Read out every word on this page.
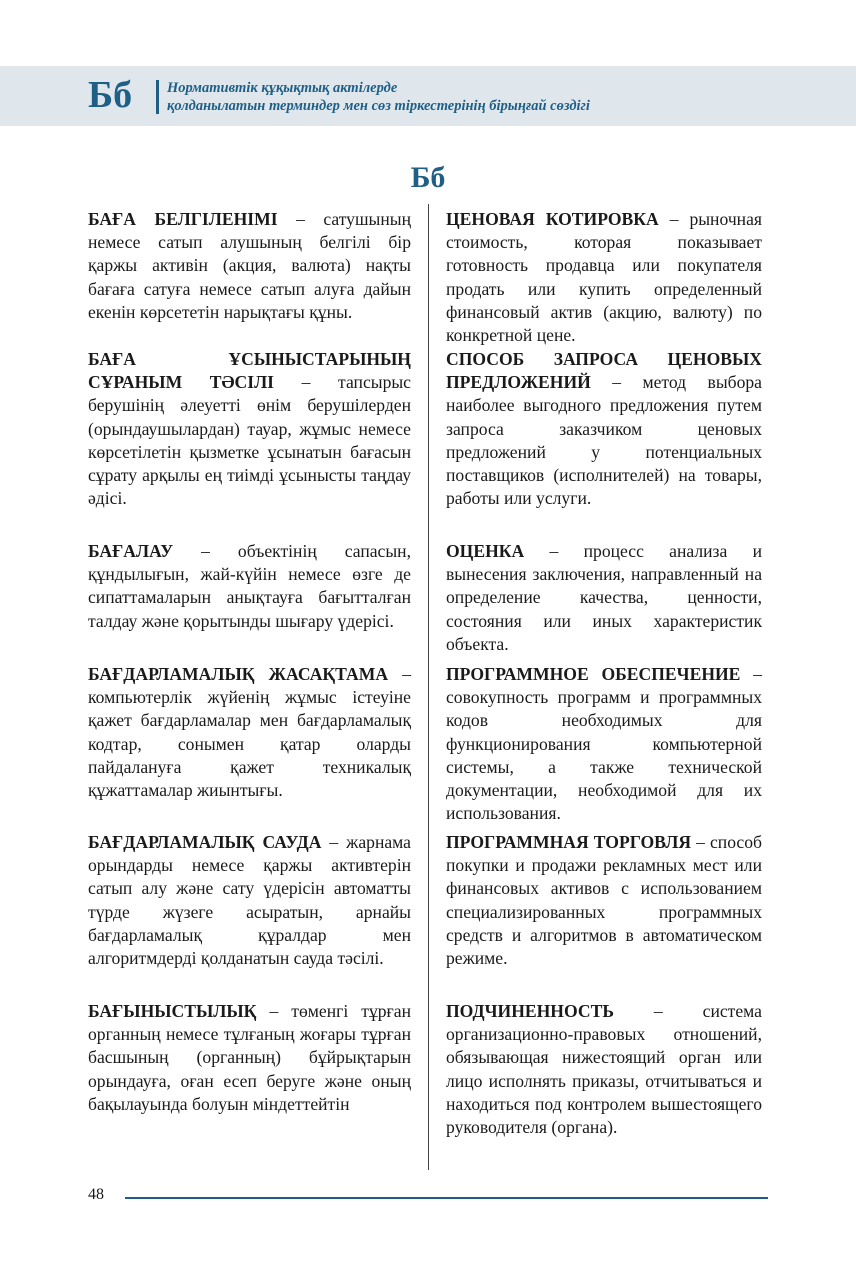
Бб Нормативтік құқықтық актілерде
қолданылатын терминдер мен сөз тіркестерінің бірыңғай сөздігі
Бб
БАҒА БЕЛГІЛЕНІМІ – сатушының немесе сатып алушының белгілі бір қаржы активін (акция, валюта) нақты бағаға сатуға немесе сатып алуға дайын екенін көрсететін нарықтағы құны.
ЦЕНОВАЯ КОТИРОВКА – рыночная стоимость, которая показывает готовность продавца или покупателя продать или купить определенный финансовый актив (акцию, валюту) по конкретной цене.
БАҒА ҰСЫНЫСТАРЫНЫҢ СҰРАНЫМ ТӘСІЛІ – тапсырыс берушінің әлеуетті өнім берушілерден (орындаушылардан) тауар, жұмыс немесе көрсетілетін қызметке ұсынатын бағасын сұрату арқылы ең тиімді ұсынысты таңдау әдісі.
СПОСОБ ЗАПРОСА ЦЕНОВЫХ ПРЕДЛОЖЕНИЙ – метод выбора наиболее выгодного предложения путем запроса заказчиком ценовых предложений у потенциальных поставщиков (исполнителей) на товары, работы или услуги.
БАҒАЛАУ – объектінің сапасын, құндылығын, жай-күйін немесе өзге де сипаттамаларын анықтауға бағытталған талдау және қорытынды шығару үдерісі.
ОЦЕНКА – процесс анализа и вынесения заключения, направленный на определение качества, ценности, состояния или иных характеристик объекта.
БАҒДАРЛАМАЛЫҚ ЖАСАҚТАМА – компьютерлік жүйенің жұмыс істеуіне қажет бағдарламалар мен бағдарламалық кодтар, сонымен қатар оларды пайдалануға қажет техникалық құжаттамалар жиынтығы.
ПРОГРАММНОЕ ОБЕСПЕЧЕНИЕ – совокупность программ и программных кодов необходимых для функционирования компьютерной системы, а также технической документации, необходимой для их использования.
БАҒДАРЛАМАЛЫҚ САУДА – жарнама орындарды немесе қаржы активтерін сатып алу және сату үдерісін автоматты түрде жүзеге асыратын, арнайы бағдарламалық құралдар мен алгоритмдерді қолданатын сауда тәсілі.
ПРОГРАММНАЯ ТОРГОВЛЯ – способ покупки и продажи рекламных мест или финансовых активов с использованием специализированных программных средств и алгоритмов в автоматическом режиме.
БАҒЫНЫСТЫЛЫҚ – төменгі тұрған органның немесе тұлғаның жоғары тұрған басшының (органның) бұйрықтарын орындауға, оған есеп беруге және оның бақылауында болуын міндеттейтін
ПОДЧИНЕННОСТЬ – система организационно-правовых отношений, обязывающая нижестоящий орган или лицо исполнять приказы, отчитываться и находиться под контролем вышестоящего руководителя (органа).
48
